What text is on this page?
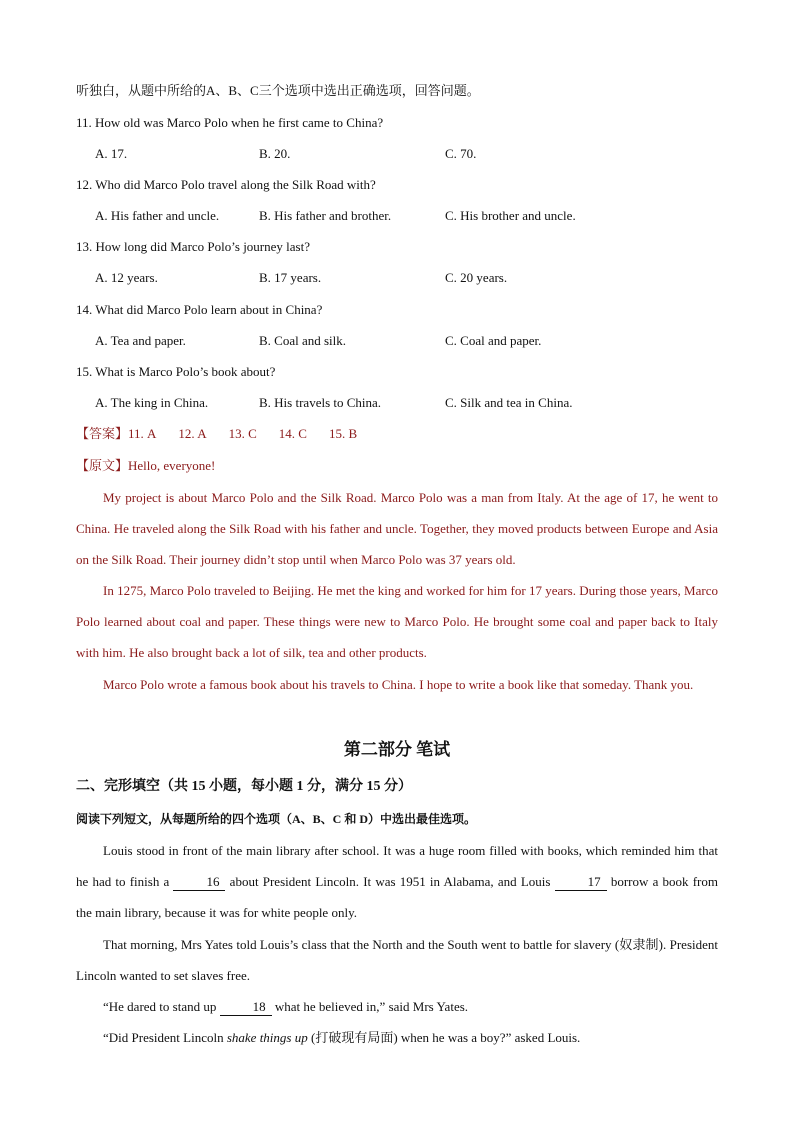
听独白，从题中所给的A、B、C三个选项中选出正确选项，回答问题。
11. How old was Marco Polo when he first came to China?
A. 17.	B. 20.	C. 70.
12. Who did Marco Polo travel along the Silk Road with?
A. His father and uncle.	B. His father and brother.	C. His brother and uncle.
13. How long did Marco Polo’s journey last?
A. 12 years.	B. 17 years.	C. 20 years.
14. What did Marco Polo learn about in China?
A. Tea and paper.	B. Coal and silk.	C. Coal and paper.
15. What is Marco Polo’s book about?
A. The king in China.	B. His travels to China.	C. Silk and tea in China.
【答案】11. A 12. A 13. C 14. C 15. B
【原文】Hello, everyone!
My project is about Marco Polo and the Silk Road. Marco Polo was a man from Italy. At the age of 17, he went to China. He traveled along the Silk Road with his father and uncle. Together, they moved products between Europe and Asia on the Silk Road. Their journey didn’t stop until when Marco Polo was 37 years old.
In 1275, Marco Polo traveled to Beijing. He met the king and worked for him for 17 years. During those years, Marco Polo learned about coal and paper. These things were new to Marco Polo. He brought some coal and paper back to Italy with him. He also brought back a lot of silk, tea and other products.
Marco Polo wrote a famous book about his travels to China. I hope to write a book like that someday. Thank you.
第二部分 笔试
二、完形填空（共 15 小题，每小题 1 分，满分 15 分）
阅读下列短文，从每题所给的四个选项（A、B、C 和 D）中选出最佳选项。
Louis stood in front of the main library after school. It was a huge room filled with books, which reminded him that he had to finish a	16 about President Lincoln. It was 1951 in Alabama, and Louis	17 borrow a book from the main library, because it was for white people only.
That morning, Mrs Yates told Louis’s class that the North and the South went to battle for slavery (奴隶制). President Lincoln wanted to set slaves free.
“He dared to stand up	18 what he believed in,” said Mrs Yates.
“Did President Lincoln shake things up (打破现有局面) when he was a boy?” asked Louis.
